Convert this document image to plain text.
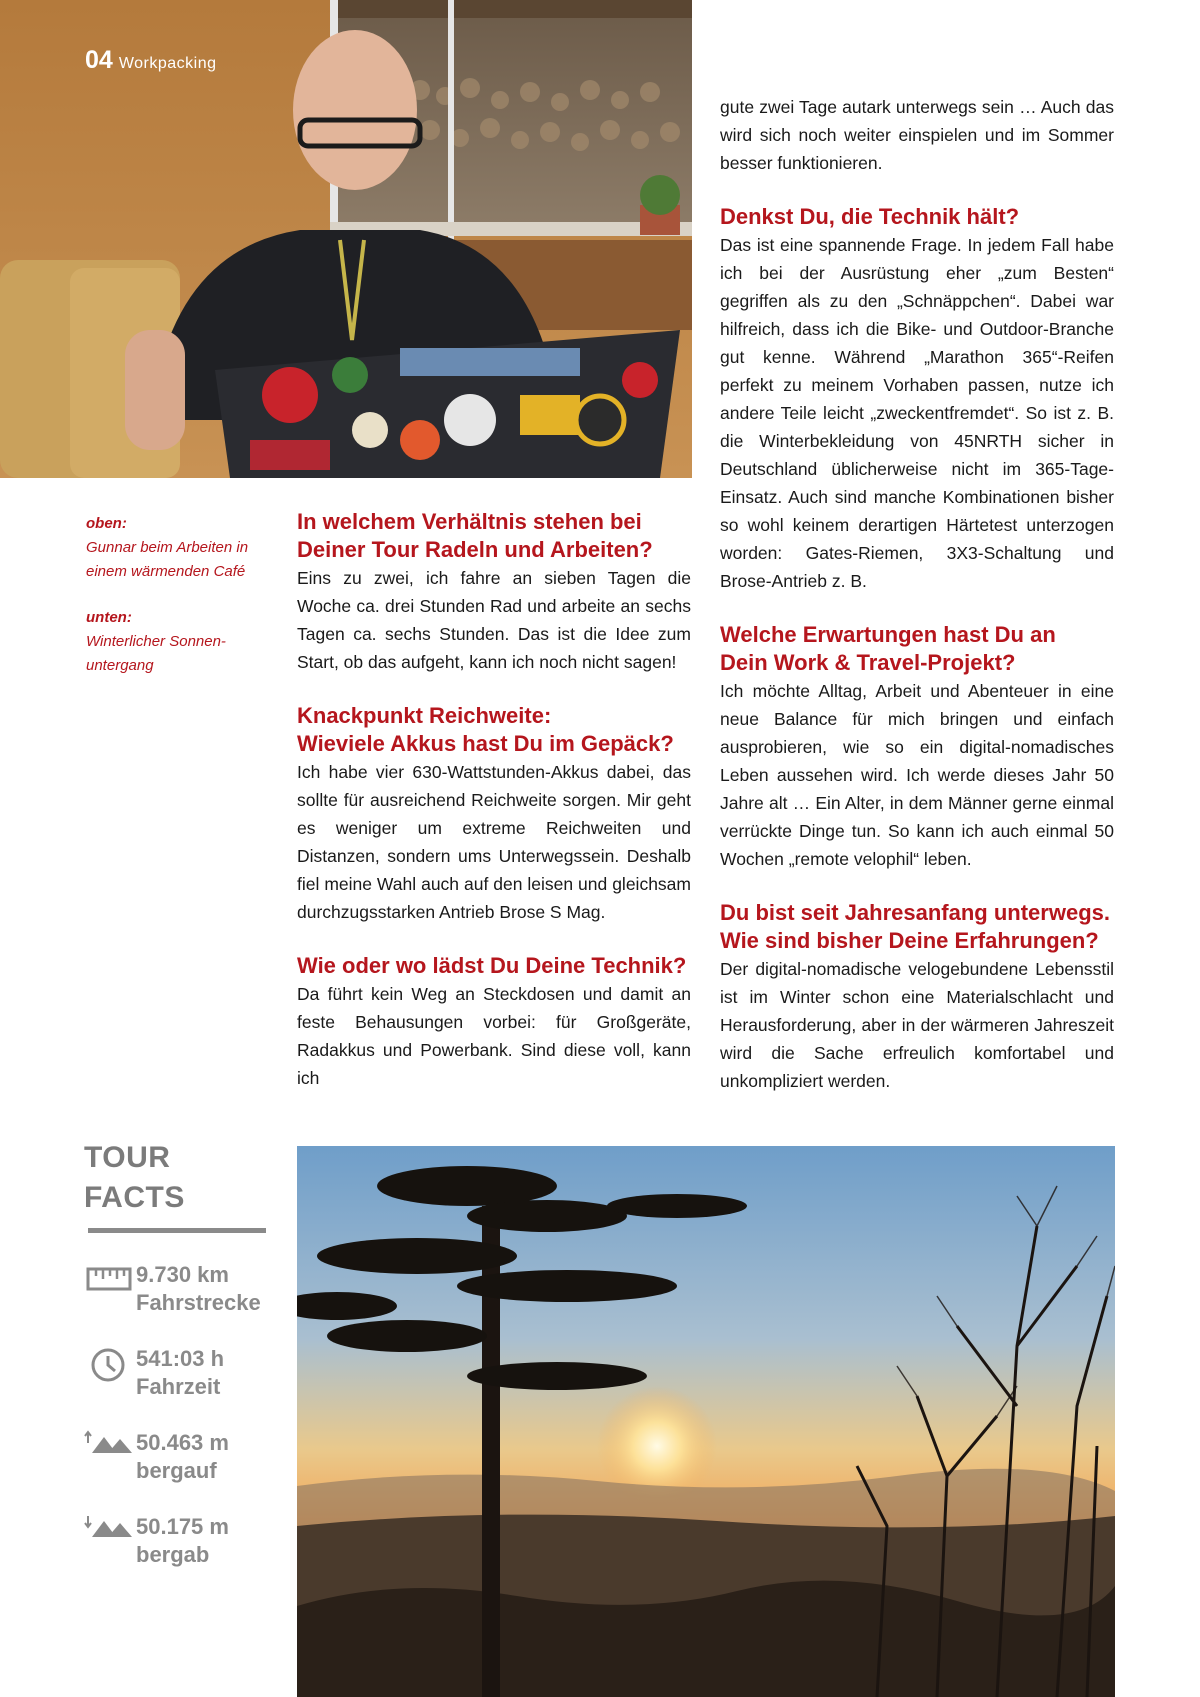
04 Workpacking
oben:
Gunnar beim Arbeiten in
einem wärmenden Café
unten:
Winterlicher Sonnen-
untergang
In welchem Verhältnis stehen bei
Deiner Tour Radeln und Arbeiten?

Eins zu zwei, ich fahre an sieben Tagen die Woche ca. drei Stunden Rad und arbeite an sechs Tagen ca. sechs Stunden. Das ist die Idee zum Start, ob das aufgeht, kann ich noch nicht sagen!

Knackpunkt Reichweite:
Wieviele Akkus hast Du im Gepäck?

Ich habe vier 630-Wattstunden-Akkus dabei, das sollte für ausreichend Reichweite sorgen. Mir geht es weniger um extreme Reichweiten und Distanzen, sondern ums Unterwegssein. Deshalb fiel meine Wahl auch auf den leisen und gleichsam durchzugsstarken Antrieb Brose S Mag.

Wie oder wo lädst Du Deine Technik?

Da führt kein Weg an Steckdosen und damit an feste Behausungen vorbei: für Großgeräte, Radakkus und Powerbank. Sind diese voll, kann ich

gute zwei Tage autark unterwegs sein … Auch das wird sich noch weiter einspielen und im Sommer besser funktionieren.

Denkst Du, die Technik hält?

Das ist eine spannende Frage. In jedem Fall habe ich bei der Ausrüstung eher „zum Besten“ gegriffen als zu den „Schnäppchen“. Dabei war hilfreich, dass ich die Bike- und Outdoor-Branche gut kenne. Während „Marathon 365“-Reifen perfekt zu meinem Vorhaben passen, nutze ich andere Teile leicht „zweckentfremdet“. So ist z. B. die Winterbekleidung von 45NRTH sicher in Deutschland üblicherweise nicht im 365-Tage-Einsatz. Auch sind manche Kombinationen bisher so wohl keinem derartigen Härtetest unterzogen worden: Gates-Riemen, 3X3-Schaltung und Brose-Antrieb z. B.

Welche Erwartungen hast Du an
Dein Work & Travel-Projekt?

Ich möchte Alltag, Arbeit und Abenteuer in eine neue Balance für mich bringen und einfach ausprobieren, wie so ein digital-nomadisches Leben aussehen wird. Ich werde dieses Jahr 50 Jahre alt … Ein Alter, in dem Männer gerne einmal verrückte Dinge tun. So kann ich auch einmal 50 Wochen „remote velophil“ leben.

Du bist seit Jahresanfang unterwegs.
Wie sind bisher Deine Erfahrungen?

Der digital-nomadische velogebundene Lebensstil ist im Winter schon eine Materialschlacht und Herausforderung, aber in der wärmeren Jahreszeit wird die Sache erfreulich komfortabel und unkompliziert werden.

TOUR FACTS
9.730 km
Fahrstrecke
541:03 h
Fahrzeit
50.463 m
bergauf
50.175 m
bergab
